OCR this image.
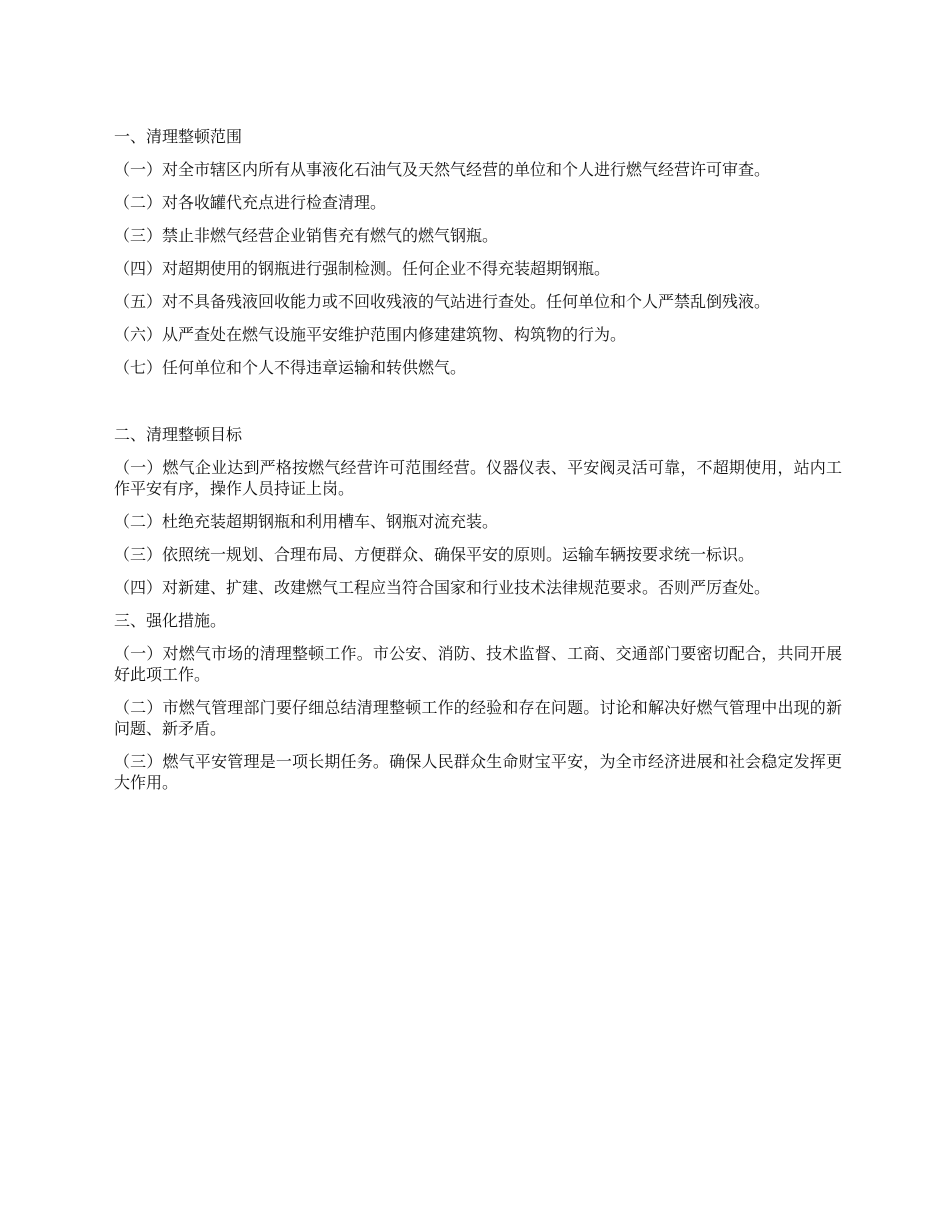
一、清理整顿范围

（一）对全市辖区内所有从事液化石油气及天然气经营的单位和个人进行燃气经营许可审查。

（二）对各收罐代充点进行检查清理。

（三）禁止非燃气经营企业销售充有燃气的燃气钢瓶。

（四）对超期使用的钢瓶进行强制检测。任何企业不得充装超期钢瓶。

（五）对不具备残液回收能力或不回收残液的气站进行查处。任何单位和个人严禁乱倒残液。

（六）从严查处在燃气设施平安维护范围内修建建筑物、构筑物的行为。

（七）任何单位和个人不得违章运输和转供燃气。

二、清理整顿目标

（一）燃气企业达到严格按燃气经营许可范围经营。仪器仪表、平安阀灵活可靠，不超期使用，站内工作平安有序，操作人员持证上岗。

（二）杜绝充装超期钢瓶和利用槽车、钢瓶对流充装。

（三）依照统一规划、合理布局、方便群众、确保平安的原则。运输车辆按要求统一标识。

（四）对新建、扩建、改建燃气工程应当符合国家和行业技术法律规范要求。否则严厉查处。

三、强化措施。

（一）对燃气市场的清理整顿工作。市公安、消防、技术监督、工商、交通部门要密切配合，共同开展好此项工作。

（二）市燃气管理部门要仔细总结清理整顿工作的经验和存在问题。讨论和解决好燃气管理中出现的新问题、新矛盾。

（三）燃气平安管理是一项长期任务。确保人民群众生命财宝平安，为全市经济进展和社会稳定发挥更大作用。
